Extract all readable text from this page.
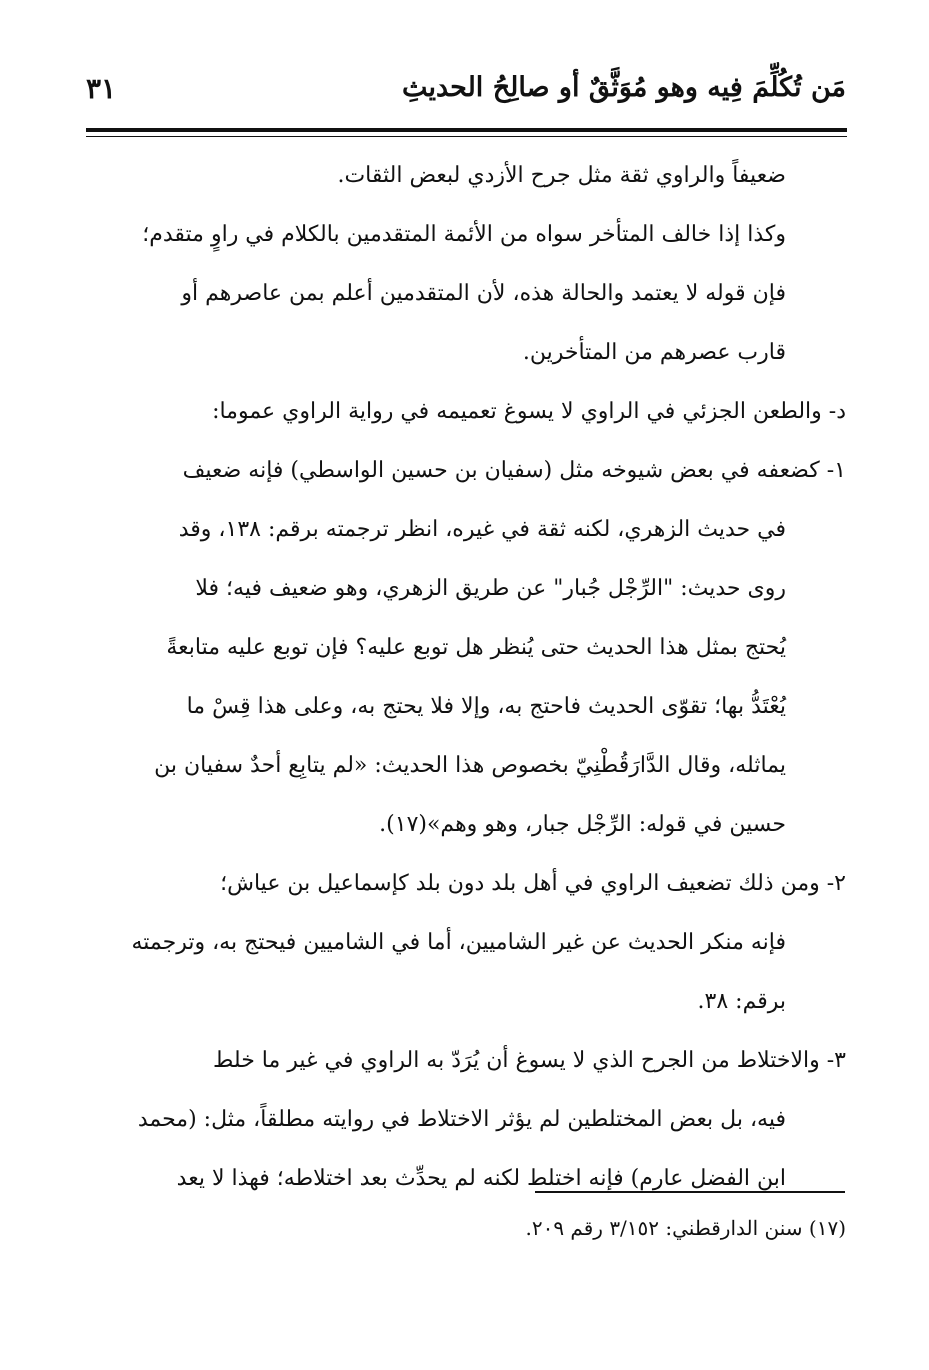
مَن تُكُلِّمَ فِيه وهو مُوَثَّقٌ أو صالِحُ الحديثِ
٣١
ضعيفاً والراوي ثقة مثل جرح الأزدي لبعض الثقات.
وكذا إذا خالف المتأخر سواه من الأئمة المتقدمين بالكلام في راوٍ متقدم؛
فإن قوله لا يعتمد والحالة هذه، لأن المتقدمين أعلم بمن عاصرهم أو
قارب عصرهم من المتأخرين.
د- والطعن الجزئي في الراوي لا يسوغ تعميمه في رواية الراوي عموما:
١- كضعفه في بعض شيوخه مثل (سفيان بن حسين الواسطي) فإنه ضعيف
في حديث الزهري، لكنه ثقة في غيره، انظر ترجمته برقم: ١٣٨، وقد
روى حديث: "الرِّجْل جُبار" عن طريق الزهري، وهو ضعيف فيه؛ فلا
يُحتج بمثل هذا الحديث حتى يُنظر هل توبع عليه؟ فإن توبع عليه متابعةً
يُعْتَدُّ بها؛ تقوّى الحديث فاحتج به، وإلا فلا يحتج به، وعلى هذا قِسْ ما
يماثله، وقال الدَّارَقُطْنِيّ بخصوص هذا الحديث: «لم يتابِع أحدٌ سفيان بن
حسين في قوله: الرِّجْل جبار، وهو وهم»(١٧).
٢- ومن ذلك تضعيف الراوي في أهل بلد دون بلد كإسماعيل بن عياش؛
فإنه منكر الحديث عن غير الشاميين، أما في الشاميين فيحتج به، وترجمته
برقم: ٣٨.
٣- والاختلاط من الجرح الذي لا يسوغ أن يُرَدّ به الراوي في غير ما خلط
فيه، بل بعض المختلطين لم يؤثر الاختلاط في روايته مطلقاً، مثل: (محمد
ابن الفضل عارم) فإنه اختلط لكنه لم يحدِّث بعد اختلاطه؛ فهذا لا يعد
(١٧) سنن الدارقطني: ٣/١٥٢ رقم ٢٠٩.
